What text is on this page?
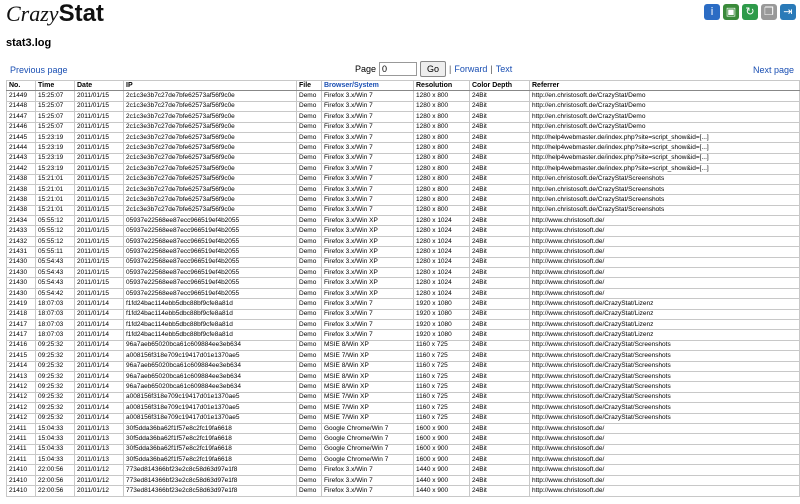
CrazyStat	i	▣ ↻ ❐ ⇥
stat3.log
Previous page	Page
0	Go	| Forward | Text	Next page
No.	Time	Date	IP	File	Browser/System	Resolution	Color Depth	Referrer
21449	15:25:07	2011/01/15	2c1c3e3b7c27de7bfe62573af56f9c0e	Demo	Firefox 3.x/Win 7	1280 x 800	24Bit	http://en.christosoft.de/CrazyStat/Demo
21448	15:25:07	2011/01/15	2c1c3e3b7c27de7bfe62573af56f9c0e	Demo	Firefox 3.x/Win 7	1280 x 800	24Bit	http://en.christosoft.de/CrazyStat/Demo
21447	15:25:07	2011/01/15	2c1c3e3b7c27de7bfe62573af56f9c0e	Demo	Firefox 3.x/Win 7	1280 x 800	24Bit	http://en.christosoft.de/CrazyStat/Demo
21446	15:25:07	2011/01/15	2c1c3e3b7c27de7bfe62573af56f9c0e	Demo	Firefox 3.x/Win 7	1280 x 800	24Bit	http://en.christosoft.de/CrazyStat/Demo
21445	15:23:19	2011/01/15	2c1c3e3b7c27de7bfe62573af56f9c0e	Demo	Firefox 3.x/Win 7	1280 x 800	24Bit	http://help4webmaster.de/index.php?site=script_show&id=[...]
21444	15:23:19	2011/01/15	2c1c3e3b7c27de7bfe62573af56f9c0e	Demo	Firefox 3.x/Win 7	1280 x 800	24Bit	http://help4webmaster.de/index.php?site=script_show&id=[...]
21443	15:23:19	2011/01/15	2c1c3e3b7c27de7bfe62573af56f9c0e	Demo	Firefox 3.x/Win 7	1280 x 800	24Bit	http://help4webmaster.de/index.php?site=script_show&id=[...]
21442	15:23:19	2011/01/15	2c1c3e3b7c27de7bfe62573af56f9c0e	Demo	Firefox 3.x/Win 7	1280 x 800	24Bit	http://help4webmaster.de/index.php?site=script_show&id=[...]
21438	15:21:01	2011/01/15	2c1c3e3b7c27de7bfe62573af56f9c0e	Demo	Firefox 3.x/Win 7	1280 x 800	24Bit	http://en.christosoft.de/CrazyStat/Screenshots
21438	15:21:01	2011/01/15	2c1c3e3b7c27de7bfe62573af56f9c0e	Demo	Firefox 3.x/Win 7	1280 x 800	24Bit	http://en.christosoft.de/CrazyStat/Screenshots
21438	15:21:01	2011/01/15	2c1c3e3b7c27de7bfe62573af56f9c0e	Demo	Firefox 3.x/Win 7	1280 x 800	24Bit	http://en.christosoft.de/CrazyStat/Screenshots
21438	15:21:01	2011/01/15	2c1c3e3b7c27de7bfe62573af56f9c0e	Demo	Firefox 3.x/Win 7	1280 x 800	24Bit	http://en.christosoft.de/CrazyStat/Screenshots
21434	05:55:12	2011/01/15	05937e22568ee87ecc966519ef4b2055	Demo	Firefox 3.x/Win XP	1280 x 1024	24Bit	http://www.christosoft.de/
21433	05:55:12	2011/01/15	05937e22568ee87ecc966519ef4b2055	Demo	Firefox 3.x/Win XP	1280 x 1024	24Bit	http://www.christosoft.de/
21432	05:55:12	2011/01/15	05937e22568ee87ecc966519ef4b2055	Demo	Firefox 3.x/Win XP	1280 x 1024	24Bit	http://www.christosoft.de/
21431	05:55:11	2011/01/15	05937e22568ee87ecc966519ef4b2055	Demo	Firefox 3.x/Win XP	1280 x 1024	24Bit	http://www.christosoft.de/
21430	05:54:43	2011/01/15	05937e22568ee87ecc966519ef4b2055	Demo	Firefox 3.x/Win XP	1280 x 1024	24Bit	http://www.christosoft.de/
21430	05:54:43	2011/01/15	05937e22568ee87ecc966519ef4b2055	Demo	Firefox 3.x/Win XP	1280 x 1024	24Bit	http://www.christosoft.de/
21430	05:54:43	2011/01/15	05937e22568ee87ecc966519ef4b2055	Demo	Firefox 3.x/Win XP	1280 x 1024	24Bit	http://www.christosoft.de/
21430	05:54:42	2011/01/15	05937e22568ee87ecc966519ef4b2055	Demo	Firefox 3.x/Win XP	1280 x 1024	24Bit	http://www.christosoft.de/
21419	18:07:03	2011/01/14	f1fd24bac114ebb5dbc88bf9cfe8a81d	Demo	Firefox 3.x/Win 7	1920 x 1080	24Bit	http://www.christosoft.de/CrazyStat/Lizenz
21418	18:07:03	2011/01/14	f1fd24bac114ebb5dbc88bf9cfe8a81d	Demo	Firefox 3.x/Win 7	1920 x 1080	24Bit	http://www.christosoft.de/CrazyStat/Lizenz
21417	18:07:03	2011/01/14	f1fd24bac114ebb5dbc88bf9cfe8a81d	Demo	Firefox 3.x/Win 7	1920 x 1080	24Bit	http://www.christosoft.de/CrazyStat/Lizenz
21417	18:07:03	2011/01/14	f1fd24bac114ebb5dbc88bf9cfe8a81d	Demo	Firefox 3.x/Win 7	1920 x 1080	24Bit	http://www.christosoft.de/CrazyStat/Lizenz
21416	09:25:32	2011/01/14	96a7aeb65020bca61c609884ee3eb634	Demo	MSIE 8/Win XP	1160 x 725	24Bit	http://www.christosoft.de/CrazyStat/Screenshots
21415	09:25:32	2011/01/14	a008156f318e709c19417d01e1370ae5	Demo	MSIE 7/Win XP	1160 x 725	24Bit	http://www.christosoft.de/CrazyStat/Screenshots
21414	09:25:32	2011/01/14	96a7aeb65020bca61c609884ee3eb634	Demo	MSIE 8/Win XP	1160 x 725	24Bit	http://www.christosoft.de/CrazyStat/Screenshots
21413	09:25:32	2011/01/14	96a7aeb65020bca61c609884ee3eb634	Demo	MSIE 8/Win XP	1160 x 725	24Bit	http://www.christosoft.de/CrazyStat/Screenshots
21412	09:25:32	2011/01/14	96a7aeb65020bca61c609884ee3eb634	Demo	MSIE 8/Win XP	1160 x 725	24Bit	http://www.christosoft.de/CrazyStat/Screenshots
21412	09:25:32	2011/01/14	a008156f318e709c19417d01e1370ae5	Demo	MSIE 7/Win XP	1160 x 725	24Bit	http://www.christosoft.de/CrazyStat/Screenshots
21412	09:25:32	2011/01/14	a008156f318e709c19417d01e1370ae5	Demo	MSIE 7/Win XP	1160 x 725	24Bit	http://www.christosoft.de/CrazyStat/Screenshots
21412	09:25:32	2011/01/14	a008156f318e709c19417d01e1370ae5	Demo	MSIE 7/Win XP	1160 x 725	24Bit	http://www.christosoft.de/CrazyStat/Screenshots
21411	15:04:33	2011/01/13	30f5dda36ba62f1f57e8c2fc19fa6618	Demo	Google Chrome/Win 7	1600 x 900	24Bit	http://www.christosoft.de/
21411	15:04:33	2011/01/13	30f5dda36ba62f1f57e8c2fc19fa6618	Demo	Google Chrome/Win 7	1600 x 900	24Bit	http://www.christosoft.de/
21411	15:04:33	2011/01/13	30f5dda36ba62f1f57e8c2fc19fa6618	Demo	Google Chrome/Win 7	1600 x 900	24Bit	http://www.christosoft.de/
21411	15:04:33	2011/01/13	30f5dda36ba62f1f57e8c2fc19fa6618	Demo	Google Chrome/Win 7	1600 x 900	24Bit	http://www.christosoft.de/
21410	22:00:56	2011/01/12	773ed814366bf23e2c8c58d63d97e1f8	Demo	Firefox 3.x/Win 7	1440 x 900	24Bit	http://www.christosoft.de/
21410	22:00:56	2011/01/12	773ed814366bf23e2c8c58d63d97e1f8	Demo	Firefox 3.x/Win 7	1440 x 900	24Bit	http://www.christosoft.de/
21410	22:00:56	2011/01/12	773ed814366bf23e2c8c58d63d97e1f8	Demo	Firefox 3.x/Win 7	1440 x 900	24Bit	http://www.christosoft.de/
